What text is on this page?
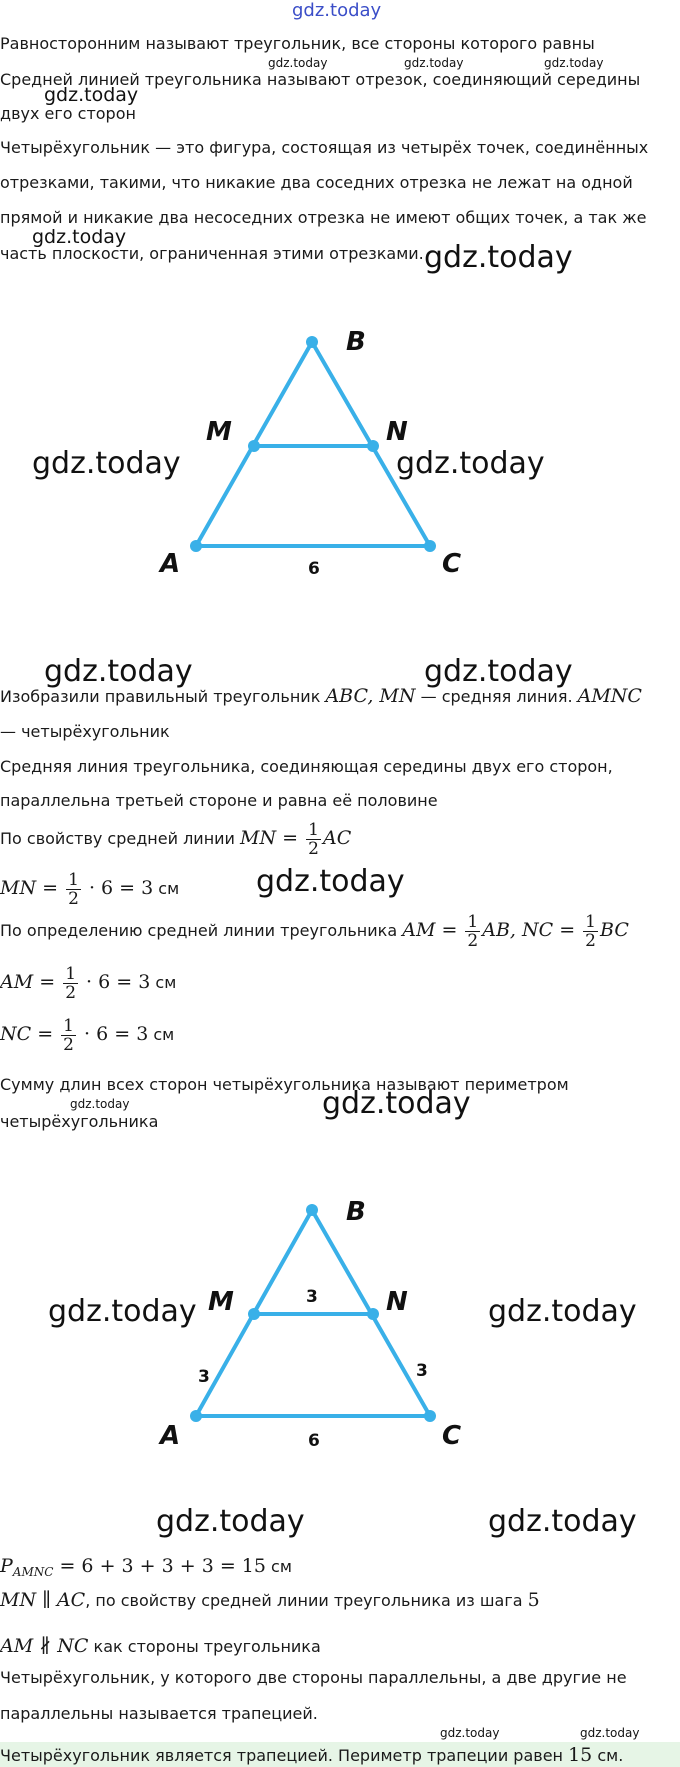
gdz.today
Равносторонним называют треугольник, все стороны которого равны
Средней линией треугольника называют отрезок, соединяющий середины
двух его сторон
Четырёхугольник — это фигура, состоящая из четырёх точек, соединённых
отрезками, такими, что никакие два соседних отрезка не лежат на одной
прямой и никакие два несоседних отрезка не имеют общих точек, а так же
часть плоскости, ограниченная этими отрезками.
gdz.today	gdz.today	gdz.today
gdz.today
gdz.today
gdz.today
B
M	N
A	C
6
gdz.today	gdz.today
gdz.today	gdz.today
Изобразили правильный треугольник ABC, MN — средняя линия. AMNC
— четырёхугольник
Средняя линия треугольника, соединяющая середины двух его сторон,
параллельна третьей стороне и равна её половине
По свойству средней линии MN = $\frac{1}{2}$ AC
MN = $\frac{1}{2} \cdot 6 = 3$ см	gdz.today
По определению средней линии треугольника AM = $\frac{1}{2}$ AB, NC = $\frac{1}{2}$ BC
AM = $\frac{1}{2} \cdot 6 = 3$ см
NC = $\frac{1}{2} \cdot 6 = 3$ см
Сумму длин всех сторон четырёхугольника называют периметром
четырёхугольника
gdz.today	gdz.today
B
M	N
A	C
3
3	3
6
gdz.today	gdz.today
gdz.today	gdz.today
$P_{AMNC} = 6 + 3 + 3 + 3 = 15$ см
MN ∥ AC, по свойству средней линии треугольника из шага 5
AM ∦ NC как стороны треугольника
Четырёхугольник, у которого две стороны параллельны, а две другие не
параллельны называется трапецией.
gdz.today	gdz.today
Четырёхугольник является трапецией. Периметр трапеции равен 15 см.
